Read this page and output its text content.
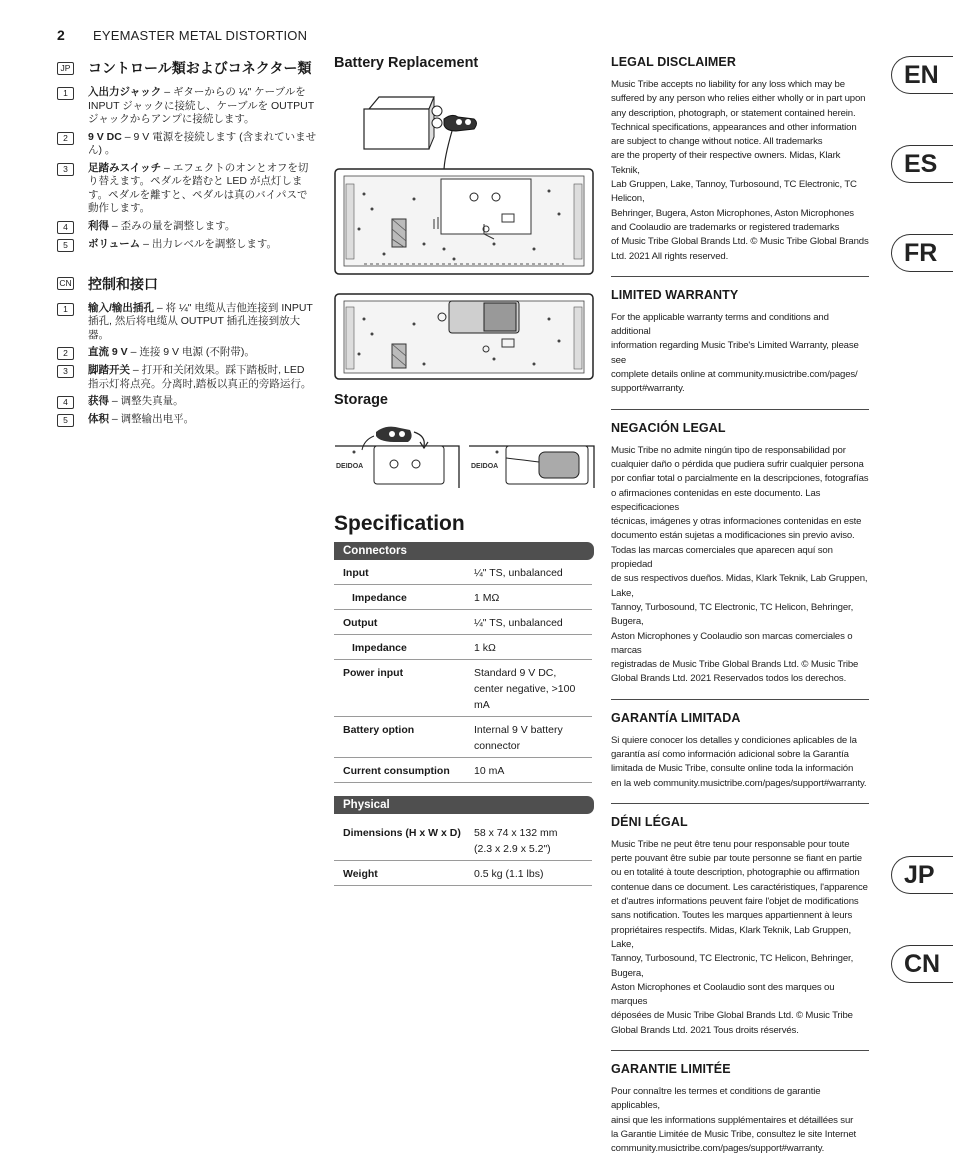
2 EYEMASTER METAL DISTORTION
JP コントロール類およびコネクター類
1	入出力ジャック – ギターからの ¼" ケーブルを INPUT ジャックに接続し、ケーブルを OUTPUT ジャックからアンプに接続します。
2	9 V DC – 9 V 電源を接続します (含まれていません) 。
3	足踏みスイッチ – エフェクトのオンとオフを切り替えます。ペダルを踏むと LED が点灯します。ペダルを離すと、ペダルは真のバイパスで動作します。
4	利得 – 歪みの量を調整します。
5	ボリューム – 出力レベルを調整します。
CN 控制和接口
1	输入/输出插孔 – 将 ¼" 电缆从吉他连接到 INPUT 插孔, 然后将电缆从 OUTPUT 插孔连接到放大器。
2	直流 9 V – 连接 9 V 电源 (不附带)。
3	脚踏开关 – 打开和关闭效果。踩下踏板时, LED 指示灯将点亮。分离时,踏板以真正的旁路运行。
4	获得 – 调整失真量。
5	体积 – 调整输出电平。
Battery Replacement
Storage
DEIDOA	DEIDOA
Specification
Connectors
Input	¼" TS, unbalanced
Impedance	1 MΩ
Output	¼" TS, unbalanced
Impedance	1 kΩ
Power input	Standard 9 V DC,
center negative, >100 mA
Battery option	Internal 9 V battery
connector
Current consumption	10 mA
Physical
Dimensions (H x W x D)	58 x 74 x 132 mm
(2.3 x 2.9 x 5.2")
Weight	0.5 kg (1.1 lbs)
LEGAL DISCLAIMER
Music Tribe accepts no liability for any loss which may be
suffered by any person who relies either wholly or in part upon
any description, photograph, or statement contained herein.
Technical specifications, appearances and other information
are subject to change without notice. All trademarks
are the property of their respective owners. Midas, Klark Teknik,
Lab Gruppen, Lake, Tannoy, Turbosound, TC Electronic, TC Helicon,
Behringer, Bugera, Aston Microphones, Aston Microphones
and Coolaudio are trademarks or registered trademarks
of Music Tribe Global Brands Ltd. © Music Tribe Global Brands
Ltd. 2021 All rights reserved.
LIMITED WARRANTY
For the applicable warranty terms and conditions and additional
information regarding Music Tribe's Limited Warranty, please see
complete details online at community.musictribe.com/pages/
support#warranty.
NEGACIÓN LEGAL
Music Tribe no admite ningún tipo de responsabilidad por
cualquier daño o pérdida que pudiera sufrir cualquier persona
por confiar total o parcialmente en la descripciones, fotografías
o afirmaciones contenidas en este documento. Las especificaciones
técnicas, imágenes y otras informaciones contenidas en este
documento están sujetas a modificaciones sin previo aviso.
Todas las marcas comerciales que aparecen aquí son propiedad
de sus respectivos dueños. Midas, Klark Teknik, Lab Gruppen, Lake,
Tannoy, Turbosound, TC Electronic, TC Helicon, Behringer, Bugera,
Aston Microphones y Coolaudio son marcas comerciales o marcas
registradas de Music Tribe Global Brands Ltd. © Music Tribe
Global Brands Ltd. 2021 Reservados todos los derechos.
GARANTÍA LIMITADA
Si quiere conocer los detalles y condiciones aplicables de la
garantía así como información adicional sobre la Garantía
limitada de Music Tribe, consulte online toda la información
en la web community.musictribe.com/pages/support#warranty.
DÉNI LÉGAL
Music Tribe ne peut être tenu pour responsable pour toute
perte pouvant être subie par toute personne se fiant en partie
ou en totalité à toute description, photographie ou affirmation
contenue dans ce document. Les caractéristiques, l'apparence
et d'autres informations peuvent faire l'objet de modifications
sans notification. Toutes les marques appartiennent à leurs
propriétaires respectifs. Midas, Klark Teknik, Lab Gruppen, Lake,
Tannoy, Turbosound, TC Electronic, TC Helicon, Behringer, Bugera,
Aston Microphones et Coolaudio sont des marques ou marques
déposées de Music Tribe Global Brands Ltd. © Music Tribe
Global Brands Ltd. 2021 Tous droits réservés.
GARANTIE LIMITÉE
Pour connaître les termes et conditions de garantie applicables,
ainsi que les informations supplémentaires et détaillées sur
la Garantie Limitée de Music Tribe, consultez le site Internet
community.musictribe.com/pages/support#warranty.
EN
ES
FR
JP
CN
